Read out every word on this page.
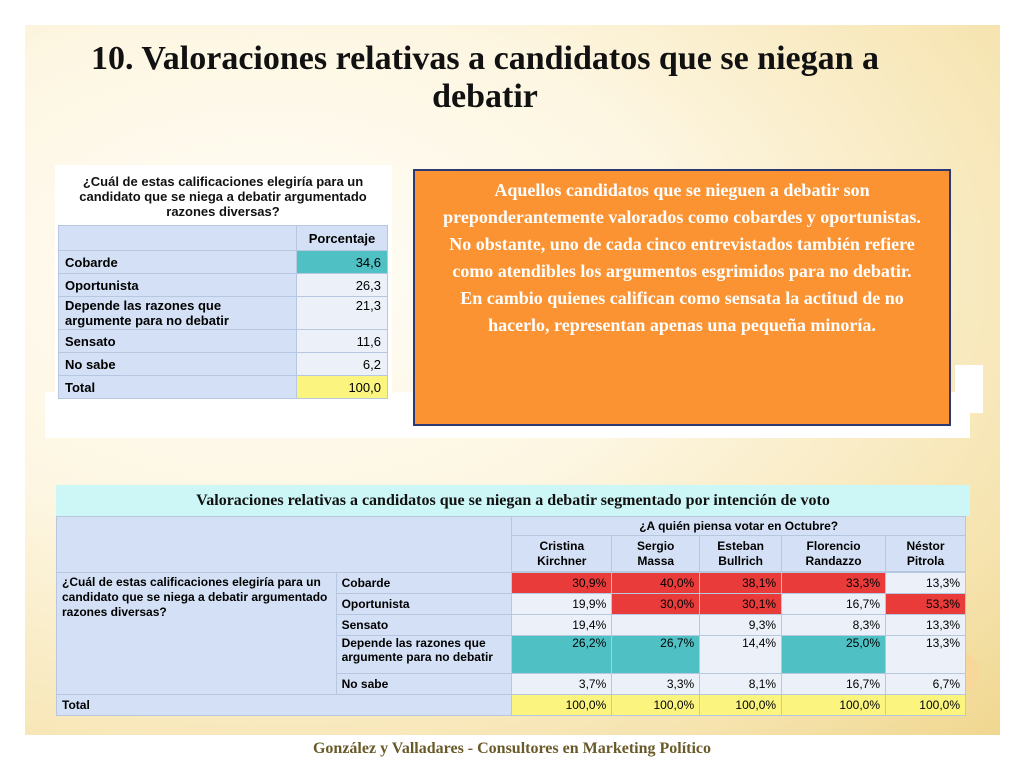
10. Valoraciones relativas a candidatos que se niegan a debatir
¿Cuál de estas calificaciones elegiría para un candidato que se niega a debatir argumentado razones diversas?
	Porcentaje
Cobarde	34,6
Oportunista	26,3
Depende las razones que argumente para no debatir	21,3
Sensato	11,6
No sabe	6,2
Total	100,0
Aquellos candidatos que se nieguen a debatir son preponderantemente valorados como cobardes y oportunistas.
No obstante, uno de cada cinco entrevistados también refiere como atendibles los argumentos esgrimidos para no debatir.
En cambio quienes califican como sensata la actitud de no hacerlo, representan apenas una pequeña minoría.
Valoraciones relativas a candidatos que se niegan a debatir segmentado por intención de voto
		¿A quién piensa votar en Octubre?				
		Cristina Kirchner	Sergio Massa	Esteban Bullrich	Florencio Randazzo	Néstor Pitrola

¿Cuál de estas calificaciones elegiría para un candidato que se niega a debatir argumentado razones diversas?	Cobarde	30,9%	40,0%	38,1%	33,3%	13,3%
	Oportunista	19,9%	30,0%	30,1%	16,7%	53,3%
	Sensato	19,4%		9,3%	8,3%	13,3%
	Depende las razones que argumente para no debatir	26,2%	26,7%	14,4%	25,0%	13,3%
	No sabe	3,7%	3,3%	8,1%	16,7%	6,7%
Total		100,0%	100,0%	100,0%	100,0%	100,0%
González y Valladares - Consultores en Marketing Político
